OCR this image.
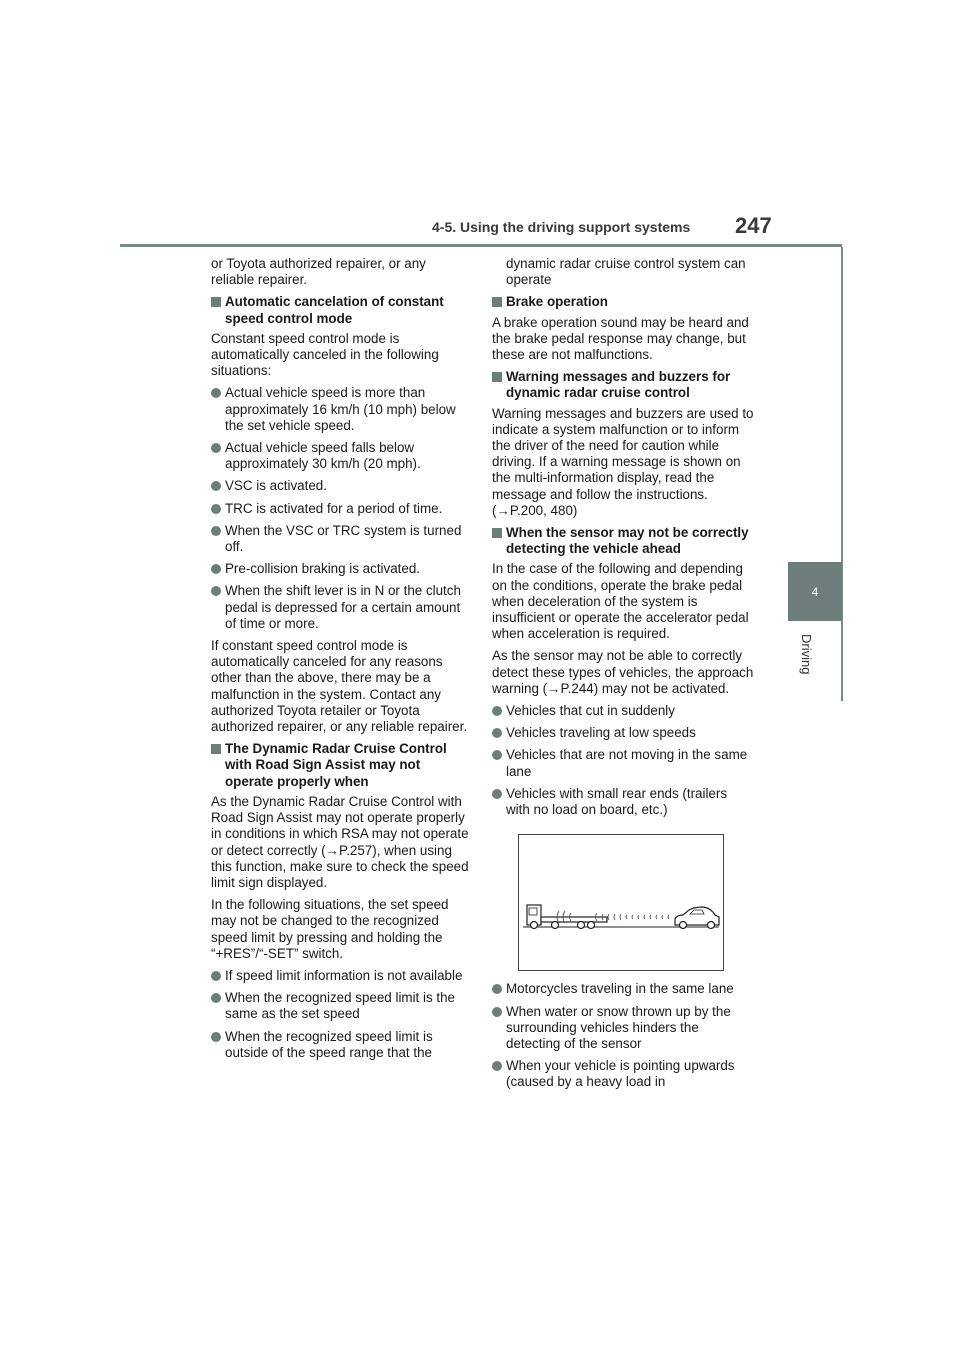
4-5. Using the driving support systems 247
4
Driving

or Toyota authorized repairer, or any reliable repairer.

Automatic cancelation of constant speed control mode

Constant speed control mode is automatically canceled in the following situations:

Actual vehicle speed is more than approximately 16 km/h (10 mph) below the set vehicle speed.
Actual vehicle speed falls below approximately 30 km/h (20 mph).
VSC is activated.
TRC is activated for a period of time.
When the VSC or TRC system is turned off.
Pre-collision braking is activated.
When the shift lever is in N or the clutch pedal is depressed for a certain amount of time or more.

If constant speed control mode is automatically canceled for any reasons other than the above, there may be a malfunction in the system. Contact any authorized Toyota retailer or Toyota authorized repairer, or any reliable repairer.

The Dynamic Radar Cruise Control with Road Sign Assist may not operate properly when

As the Dynamic Radar Cruise Control with Road Sign Assist may not operate properly in conditions in which RSA may not operate or detect correctly (→P.257), when using this function, make sure to check the speed limit sign displayed.

In the following situations, the set speed may not be changed to the recognized speed limit by pressing and holding the “+RES”/“-SET” switch.

If speed limit information is not available
When the recognized speed limit is the same as the set speed
When the recognized speed limit is outside of the speed range that the

dynamic radar cruise control system can operate

Brake operation

A brake operation sound may be heard and the brake pedal response may change, but these are not malfunctions.

Warning messages and buzzers for dynamic radar cruise control

Warning messages and buzzers are used to indicate a system malfunction or to inform the driver of the need for caution while driving. If a warning message is shown on the multi-information display, read the message and follow the instructions. (→P.200, 480)

When the sensor may not be correctly detecting the vehicle ahead

In the case of the following and depending on the conditions, operate the brake pedal when deceleration of the system is insufficient or operate the accelerator pedal when acceleration is required.

As the sensor may not be able to correctly detect these types of vehicles, the approach warning (→P.244) may not be activated.

Vehicles that cut in suddenly
Vehicles traveling at low speeds
Vehicles that are not moving in the same lane
Vehicles with small rear ends (trailers with no load on board, etc.)
Motorcycles traveling in the same lane
When water or snow thrown up by the surrounding vehicles hinders the detecting of the sensor
When your vehicle is pointing upwards (caused by a heavy load in
